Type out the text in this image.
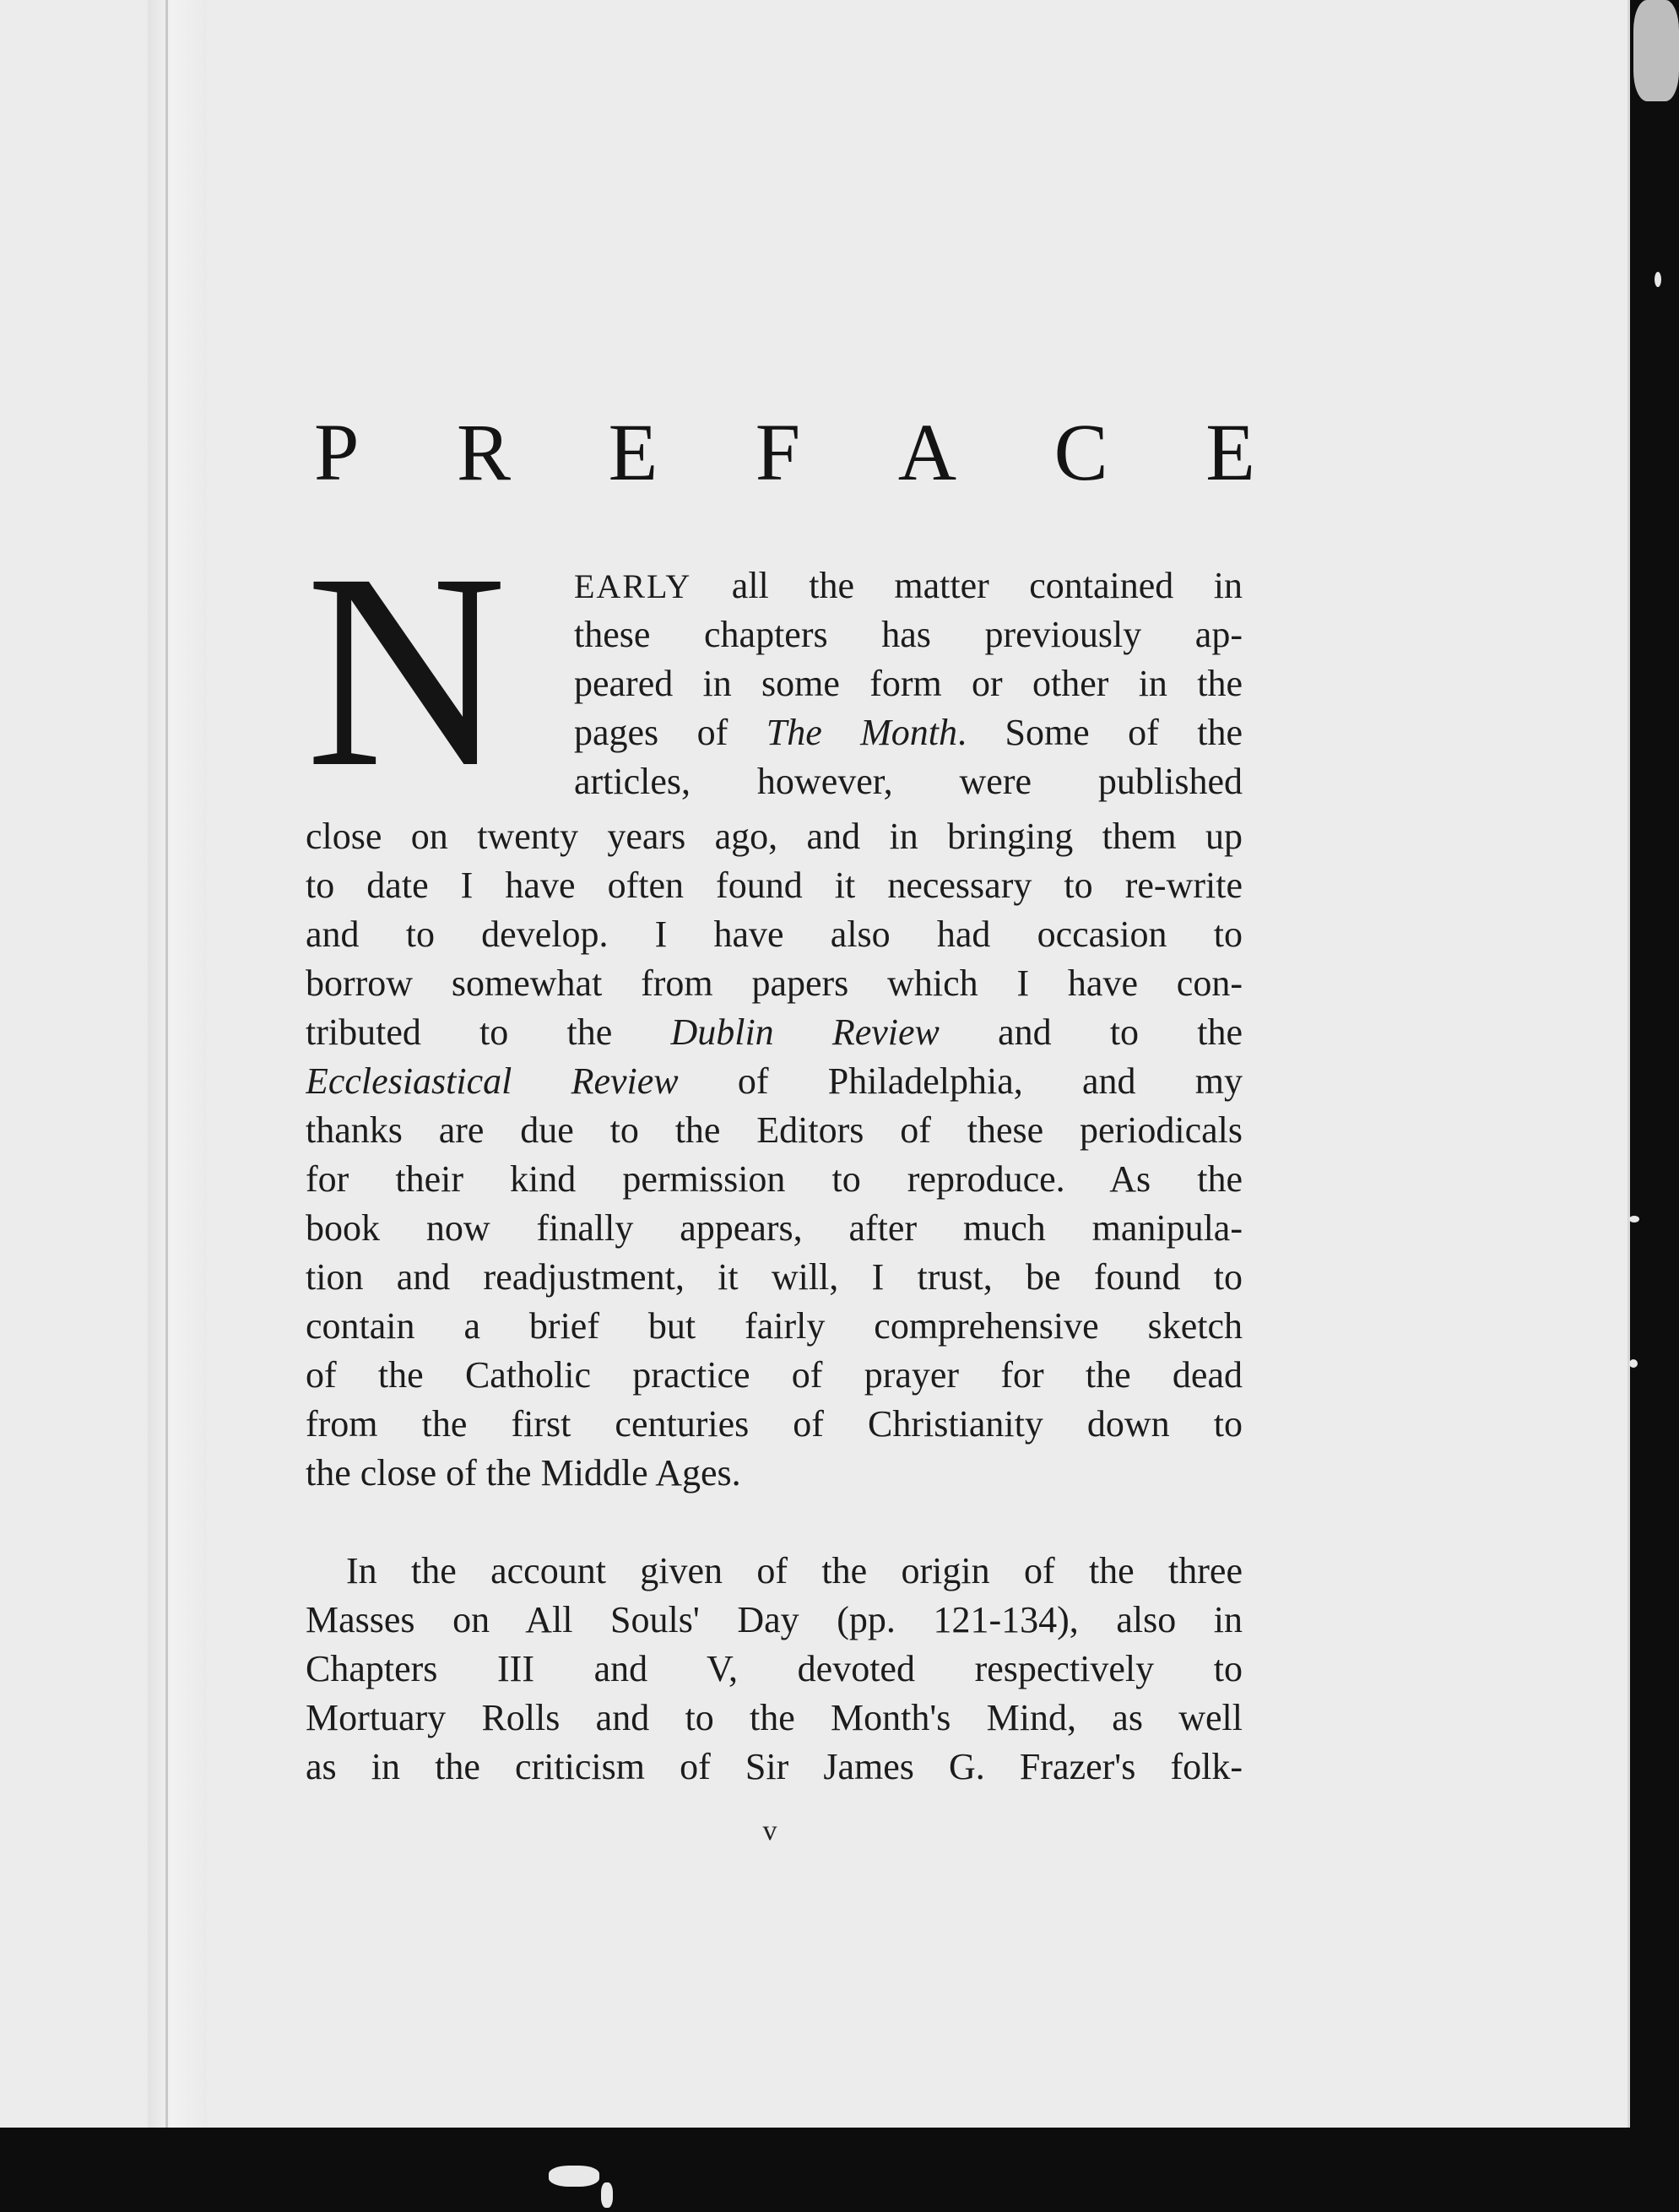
P R E F A C E
N EARLY all the matter contained in
these chapters has previously ap-
peared in some form or other in the
pages of The Month. Some of the
articles, however, were published
close on twenty years ago, and in bringing them up
to date I have often found it necessary to re-write
and to develop. I have also had occasion to
borrow somewhat from papers which I have con-
tributed to the Dublin Review and to the
Ecclesiastical Review of Philadelphia, and my
thanks are due to the Editors of these periodicals
for their kind permission to reproduce. As the
book now finally appears, after much manipula-
tion and readjustment, it will, I trust, be found to
contain a brief but fairly comprehensive sketch
of the Catholic practice of prayer for the dead
from the first centuries of Christianity down to
the close of the Middle Ages.
In the account given of the origin of the three
Masses on All Souls' Day (pp. 121-134), also in
Chapters III and V, devoted respectively to
Mortuary Rolls and to the Month's Mind, as well
as in the criticism of Sir James G. Frazer's folk-
v
